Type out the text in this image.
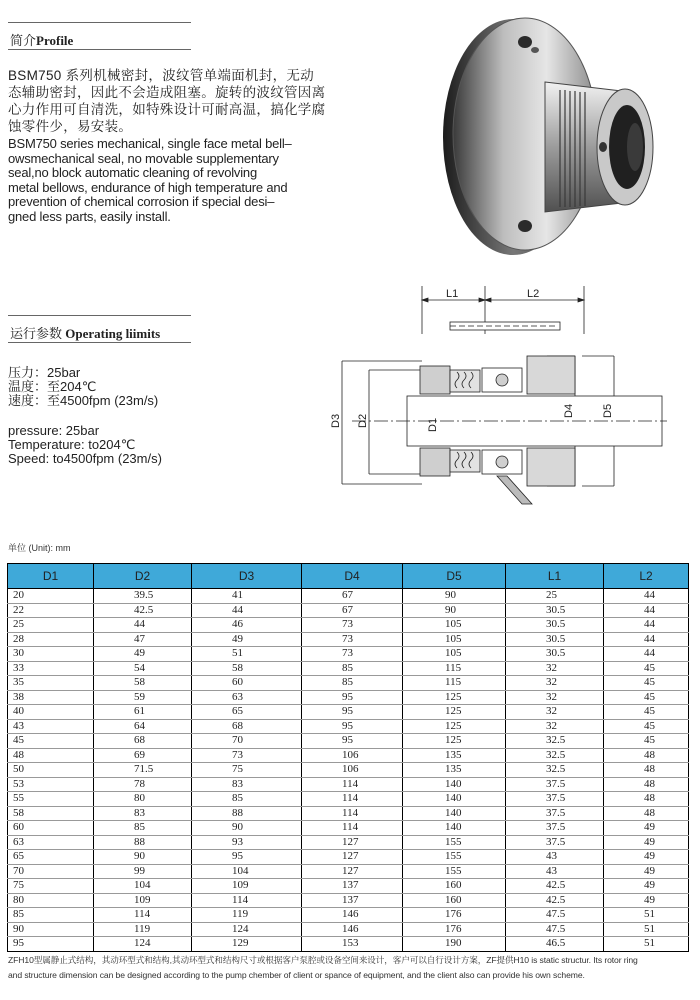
简介Profile
BSM750 系列机械密封，波纹管单端面机封，无动
态辅助密封，因此不会造成阻塞。旋转的波纹管因离
心力作用可自清洗，如特殊设计可耐高温，搞化学腐
蚀零件少，易安装。
BSM750 series mechanical, single face metal bell–
owsmechanical seal, no movable supplementary
seal,no block automatic cleaning of revolving
metal bellows, endurance of high temperature and
prevention of chemical corrosion if special desi–
gned less parts, easily install.
运行参数 Operating liimits
压力：25bar
温度：至204℃
速度：至4500fpm (23m/s)
pressure: 25bar
Temperature: to204℃
Speed: to4500fpm (23m/s)
L1	L2
D3 D2	D1
D4 D5
单位 (Unit): mm
D1	D2	D3	D4	D5	L1	L2
20	39.5	41	67	90	25	44
22	42.5	44	67	90	30.5	44
25	44	46	73	105	30.5	44
28	47	49	73	105	30.5	44
30	49	51	73	105	30.5	44
33	54	58	85	115	32	45
35	58	60	85	115	32	45
38	59	63	95	125	32	45
40	61	65	95	125	32	45
43	64	68	95	125	32	45
45	68	70	95	125	32.5	45
48	69	73	106	135	32.5	48
50	71.5	75	106	135	32.5	48
53	78	83	114	140	37.5	48
55	80	85	114	140	37.5	48
58	83	88	114	140	37.5	48
60	85	90	114	140	37.5	49
63	88	93	127	155	37.5	49
65	90	95	127	155	43	49
70	99	104	127	155	43	49
75	104	109	137	160	42.5	49
80	109	114	137	160	42.5	49
85	114	119	146	176	47.5	51
90	119	124	146	176	47.5	51
95	124	129	153	190	46.5	51
ZFH10型属静止式结构，其动环型式和结构,其动环型式和结构尺寸或根据客户泵腔或设备空间来设计，客户可以自行设计方案，ZF提供H10 is static structur. Its rotor ring
and structure dimension can be designed according to the pump chember of client or spance of equipment, and the client also can provide his own scheme.
